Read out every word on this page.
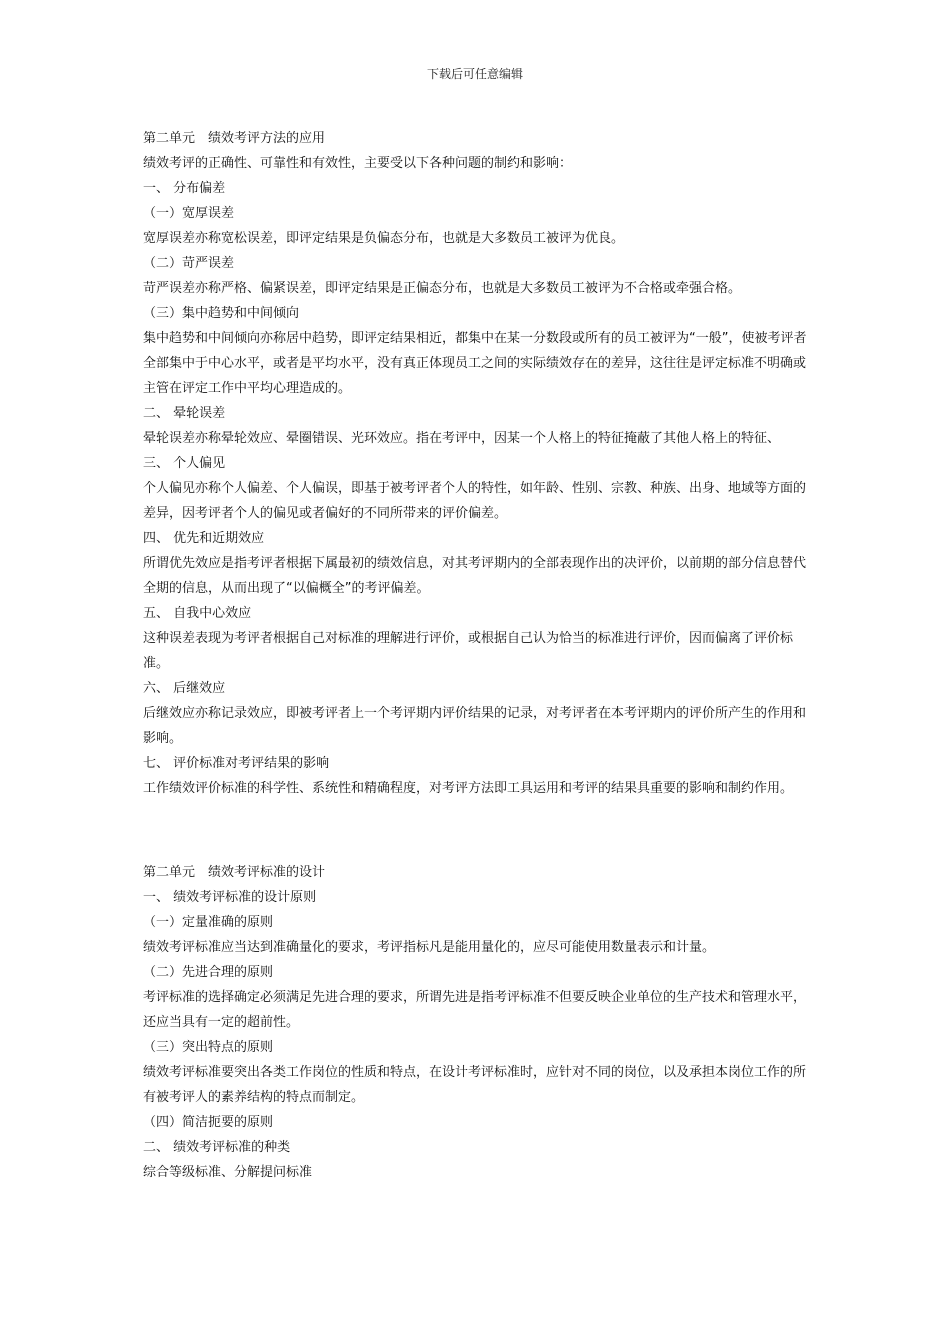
下载后可任意编辑
第二单元　绩效考评方法的应用
绩效考评的正确性、可靠性和有效性，主要受以下各种问题的制约和影响：
一、 分布偏差
（一）宽厚误差
宽厚误差亦称宽松误差，即评定结果是负偏态分布，也就是大多数员工被评为优良。
（二）苛严误差
苛严误差亦称严格、偏紧误差，即评定结果是正偏态分布，也就是大多数员工被评为不合格或牵强合格。
（三）集中趋势和中间倾向
集中趋势和中间倾向亦称居中趋势，即评定结果相近，都集中在某一分数段或所有的员工被评为“一般”，使被考评者全部集中于中心水平，或者是平均水平，没有真正体现员工之间的实际绩效存在的差异，这往往是评定标准不明确或主管在评定工作中平均心理造成的。
二、 晕轮误差
晕轮误差亦称晕轮效应、晕圈错误、光环效应。指在考评中，因某一个人格上的特征掩蔽了其他人格上的特征、
三、 个人偏见
个人偏见亦称个人偏差、个人偏误，即基于被考评者个人的特性，如年龄、性别、宗教、种族、出身、地域等方面的差异，因考评者个人的偏见或者偏好的不同所带来的评价偏差。
四、 优先和近期效应
所谓优先效应是指考评者根据下属最初的绩效信息，对其考评期内的全部表现作出的决评价，以前期的部分信息替代全期的信息，从而出现了“以偏概全”的考评偏差。
五、 自我中心效应
这种误差表现为考评者根据自己对标准的理解进行评价，或根据自己认为恰当的标准进行评价，因而偏离了评价标准。
六、 后继效应
后继效应亦称记录效应，即被考评者上一个考评期内评价结果的记录，对考评者在本考评期内的评价所产生的作用和影响。
七、 评价标准对考评结果的影响
工作绩效评价标准的科学性、系统性和精确程度，对考评方法即工具运用和考评的结果具重要的影响和制约作用。
第二单元　绩效考评标准的设计
一、 绩效考评标准的设计原则
（一）定量准确的原则
绩效考评标准应当达到准确量化的要求，考评指标凡是能用量化的，应尽可能使用数量表示和计量。
（二）先进合理的原则
考评标准的选择确定必须满足先进合理的要求，所谓先进是指考评标准不但要反映企业单位的生产技术和管理水平，还应当具有一定的超前性。
（三）突出特点的原则
绩效考评标准要突出各类工作岗位的性质和特点，在设计考评标准时，应针对不同的岗位，以及承担本岗位工作的所有被考评人的素养结构的特点而制定。
（四）简洁扼要的原则
二、 绩效考评标准的种类
综合等级标准、分解提问标准
